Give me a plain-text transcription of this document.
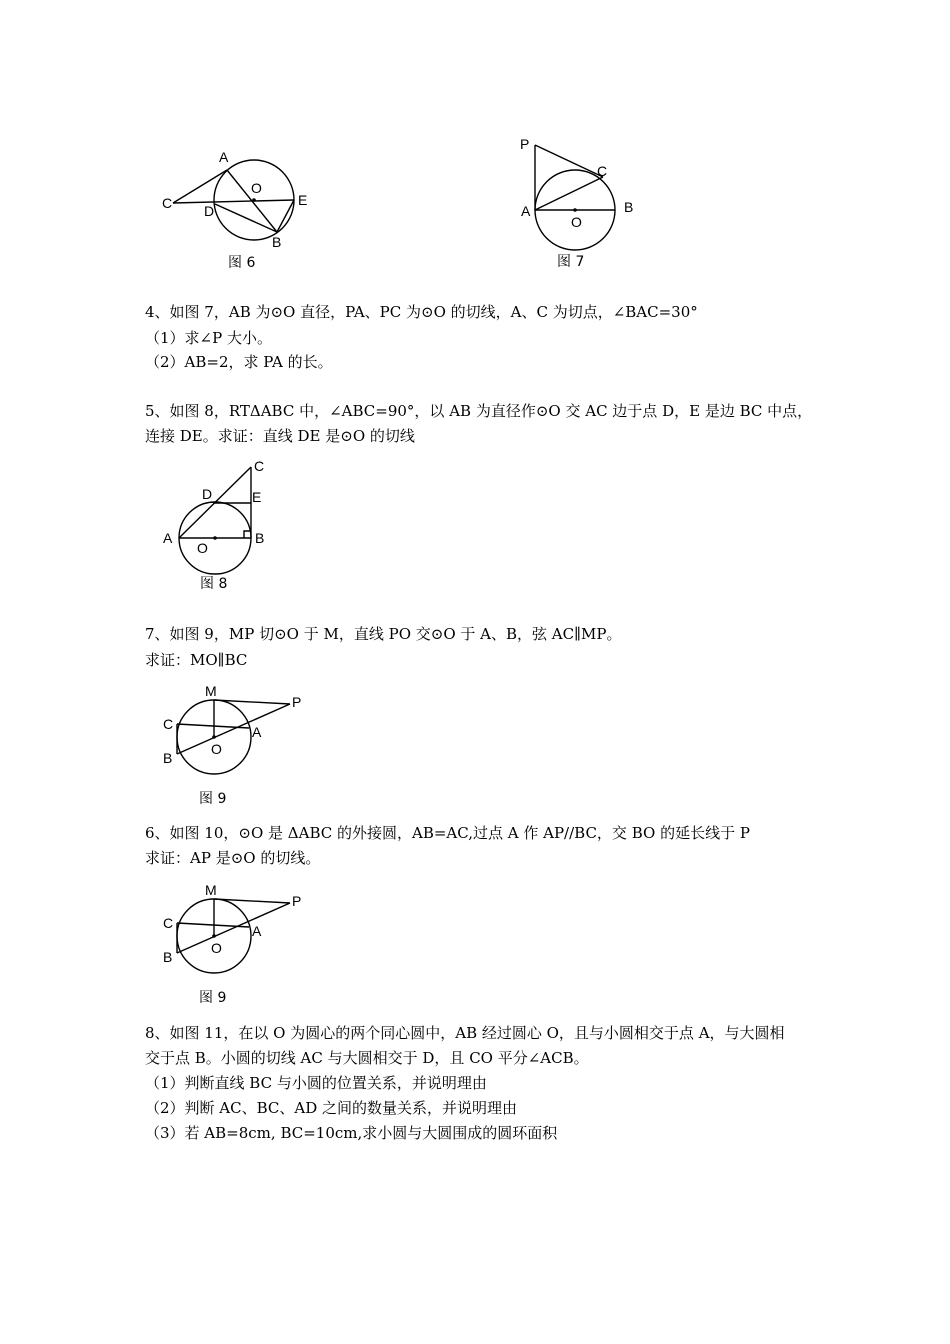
A
O
C D
E
B
图 6
P
C
A	B
O
图 7
4、如图 7，AB 为⊙O 直径，PA、PC 为⊙O 的切线，A、C 为切点，∠BAC=30°
（1）求∠P 大小。
（2）AB=2，求 PA 的长。
5、如图 8，RTΔABC 中，∠ABC=90°，以 AB 为直径作⊙O 交 AC 边于点 D，E 是边 BC 中点，
连接 DE。求证：直线 DE 是⊙O 的切线
C
D	E
A
O
B
图 8
7、如图 9，MP 切⊙O 于 M，直线 PO 交⊙O 于 A、B，弦 AC∥MP。
求证：MO∥BC
M
P
C	A
B
O
图 9
6、如图 10，⊙O 是 ΔABC 的外接圆，AB=AC,过点 A 作 AP//BC，交 BO 的延长线于 P
求证：AP 是⊙O 的切线。
M
P
C	A
B
O
图 9
8、如图 11，在以 O 为圆心的两个同心圆中，AB 经过圆心 O，且与小圆相交于点 A，与大圆相
交于点 B。小圆的切线 AC 与大圆相交于 D，且 CO 平分∠ACB。
（1）判断直线 BC 与小圆的位置关系，并说明理由
（2）判断 AC、BC、AD 之间的数量关系，并说明理由
（3）若 AB=8cm, BC=10cm,求小圆与大圆围成的圆环面积
